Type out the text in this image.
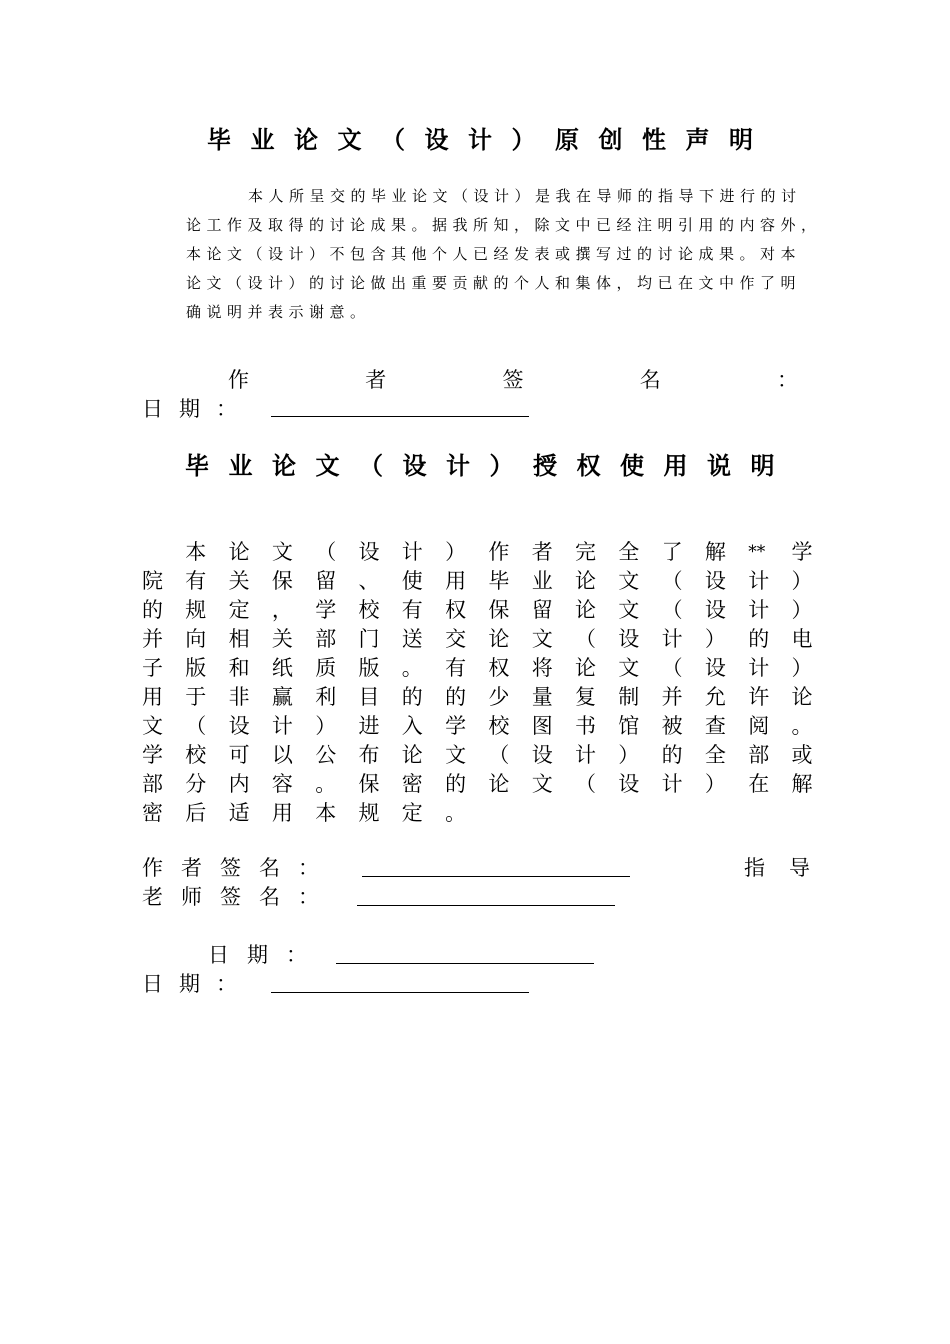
毕业论文（设计）原创性声明
本人所呈交的毕业论文（设计）是我在导师的指导下进行的讨
论工作及取得的讨论成果。据我所知，除文中已经注明引用的内容外，
本论文（设计）不包含其他个人已经发表或撰写过的讨论成果。对本
论文（设计）的讨论做出重要贡献的个人和集体，均已在文中作了明
确说明并表示谢意。
作	者	签	名	：
日期：
毕业论文（设计）授权使用说明
本 论 文 （ 设 计 ） 作 者 完 全 了 解 ** 学
院 有 关 保 留 、 使 用 毕 业 论 文 （ 设 计 ）
的 规 定 ， 学 校 有 权 保 留 论 文 （ 设 计 ）
并 向 相 关 部 门 送 交 论 文 （ 设 计 ） 的 电
子 版 和 纸 质 版 。 有 权 将 论 文 （ 设 计 ）
用 于 非 赢 利 目 的 的 少 量 复 制 并 允 许 论
文 （ 设 计 ） 进 入 学 校 图 书 馆 被 查 阅 。
学 校 可 以 公 布 论 文 （ 设 计 ） 的 全 部 或
部 分 内 容 。 保 密 的 论 文 （ 设 计 ） 在 解
密 后 适 用 本 规 定 。
作者签名：	指导
老师签名：
日期：
日期：
